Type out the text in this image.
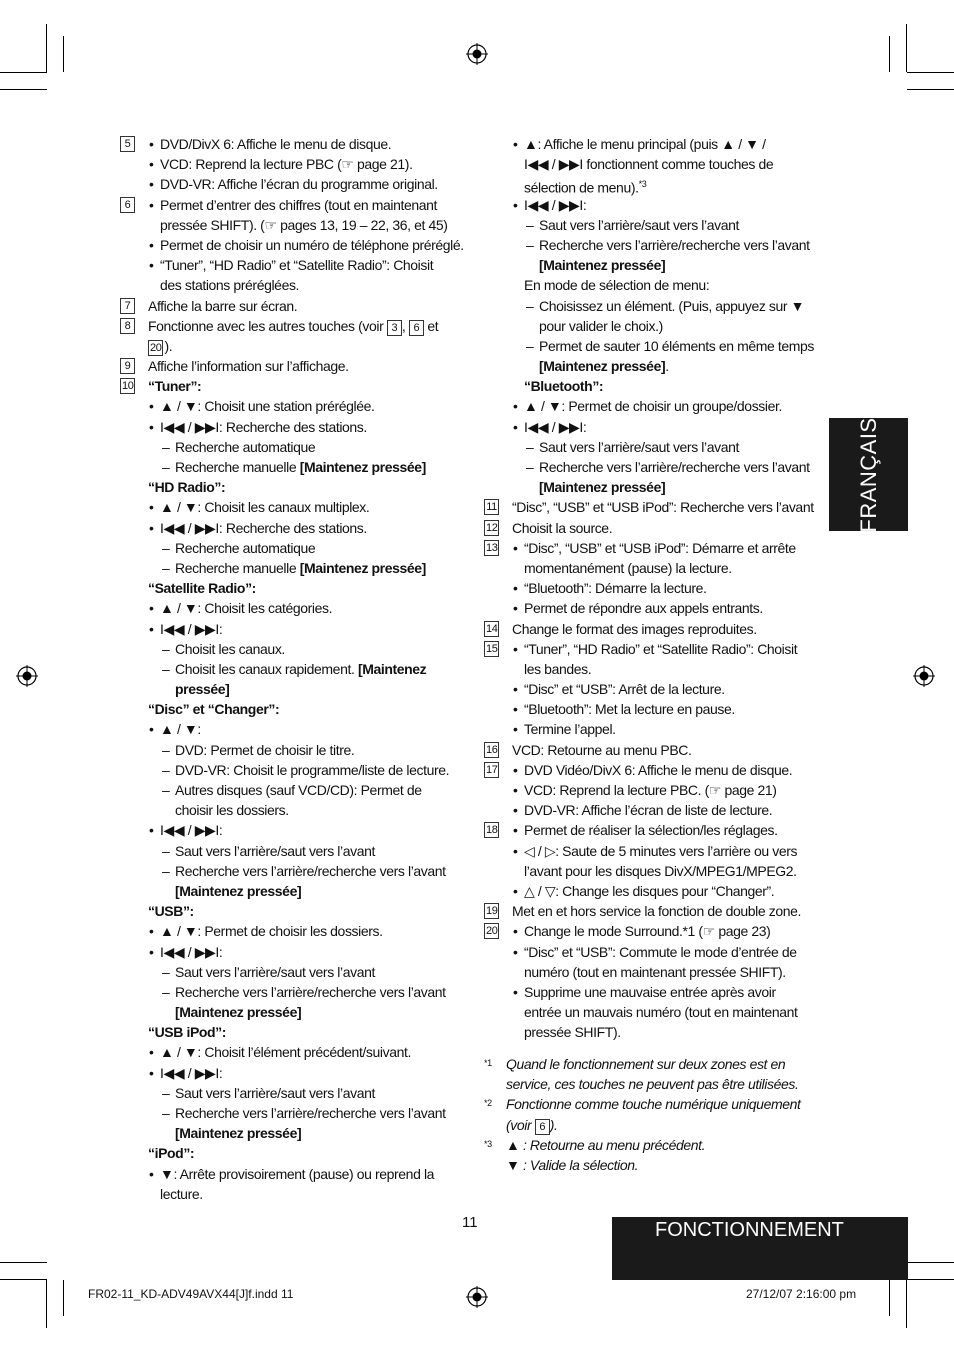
FRANÇAIS
5	• DVD/DivX 6: Affiche le menu de disque.
• VCD: Reprend la lecture PBC (☞ page 21).
• DVD-VR: Affiche l’écran du programme original.
6	• Permet d’entrer des chiffres (tout en maintenant
pressée SHIFT). (☞ pages 13, 19 – 22, 36, et 45)
• Permet de choisir un numéro de téléphone préréglé.
• “Tuner”, “HD Radio” et “Satellite Radio”: Choisit
des stations préréglées.
7	Affiche la barre sur écran.
8	Fonctionne avec les autres touches (voir 3 , 6 et
20 ).
9	Affiche l’information sur l’affichage.
10 “Tuner”:
• ▲ / ▼: Choisit une station préréglée.
• I◀◀ / ▶▶I: Recherche des stations.
– Recherche automatique
– Recherche manuelle [Maintenez pressée]
“HD Radio”:
• ▲ / ▼: Choisit les canaux multiplex.
• I◀◀ / ▶▶I: Recherche des stations.
– Recherche automatique
– Recherche manuelle [Maintenez pressée]
“Satellite Radio”:
• ▲ / ▼: Choisit les catégories.
• I◀◀ / ▶▶I:
– Choisit les canaux.
– Choisit les canaux rapidement. [Maintenez
pressée]
“Disc” et “Changer”:
• ▲ / ▼:
– DVD: Permet de choisir le titre.
– DVD-VR: Choisit le programme/liste de lecture.
– Autres disques (sauf VCD/CD): Permet de
choisir les dossiers.
• I◀◀ / ▶▶I:
– Saut vers l’arrière/saut vers l’avant
– Recherche vers l’arrière/recherche vers l’avant
[Maintenez pressée]
“USB”:
• ▲ / ▼: Permet de choisir les dossiers.
• I◀◀ / ▶▶I:
– Saut vers l’arrière/saut vers l’avant
– Recherche vers l’arrière/recherche vers l’avant
[Maintenez pressée]
“USB iPod”:
• ▲ / ▼: Choisit l’élément précédent/suivant.
• I◀◀ / ▶▶I:
– Saut vers l’arrière/saut vers l’avant
– Recherche vers l’arrière/recherche vers l’avant
[Maintenez pressée]
“iPod”:
• ▼: Arrête provisoirement (pause) ou reprend la
lecture.
• ▲: Affiche le menu principal (puis ▲ / ▼ /
I◀◀ / ▶▶I fonctionnent comme touches de
sélection de menu).$^{*3}$
• I◀◀ / ▶▶I:
– Saut vers l’arrière/saut vers l’avant
– Recherche vers l’arrière/recherche vers l’avant
[Maintenez pressée]
En mode de sélection de menu:
– Choisissez un élément. (Puis, appuyez sur ▼
pour valider le choix.)
– Permet de sauter 10 éléments en même temps
[Maintenez pressée].
“Bluetooth”:
• ▲ / ▼: Permet de choisir un groupe/dossier.
• I◀◀ / ▶▶I:
– Saut vers l’arrière/saut vers l’avant
– Recherche vers l’arrière/recherche vers l’avant
[Maintenez pressée]
11 “Disc”, “USB” et “USB iPod”: Recherche vers l’avant
12 Choisit la source.
13 • “Disc”, “USB” et “USB iPod”: Démarre et arrête
momentanément (pause) la lecture.
• “Bluetooth”: Démarre la lecture.
• Permet de répondre aux appels entrants.
14 Change le format des images reproduites.
15 • “Tuner”, “HD Radio” et “Satellite Radio”: Choisit
les bandes.
• “Disc” et “USB”: Arrêt de la lecture.
• “Bluetooth”: Met la lecture en pause.
• Termine l’appel.
16 VCD: Retourne au menu PBC.
17 • DVD Vidéo/DivX 6: Affiche le menu de disque.
• VCD: Reprend la lecture PBC. (☞ page 21)
• DVD-VR: Affiche l’écran de liste de lecture.
18 • Permet de réaliser la sélection/les réglages.
• ◁ / ▷: Saute de 5 minutes vers l’arrière ou vers
l’avant pour les disques DivX/MPEG1/MPEG2.
• △ / ▽: Change les disques pour “Changer”.
19 Met en et hors service la fonction de double zone.
20 • Change le mode Surround.*1 (☞ page 23)
• “Disc” et “USB”: Commute le mode d’entrée de
numéro (tout en maintenant pressée SHIFT).
• Supprime une mauvaise entrée après avoir
entrée un mauvais numéro (tout en maintenant
pressée SHIFT).
*1 Quand le fonctionnement sur deux zones est en
service, ces touches ne peuvent pas être utilisées.
*2 Fonctionne comme touche numérique uniquement
(voir 6 ).
*3 ▲ : Retourne au menu précédent.
▼ : Valide la sélection.
11	FONCTIONNEMENT
FR02-11_KD-ADV49AVX44[J]f.indd 11	27/12/07 2:16:00 pm
